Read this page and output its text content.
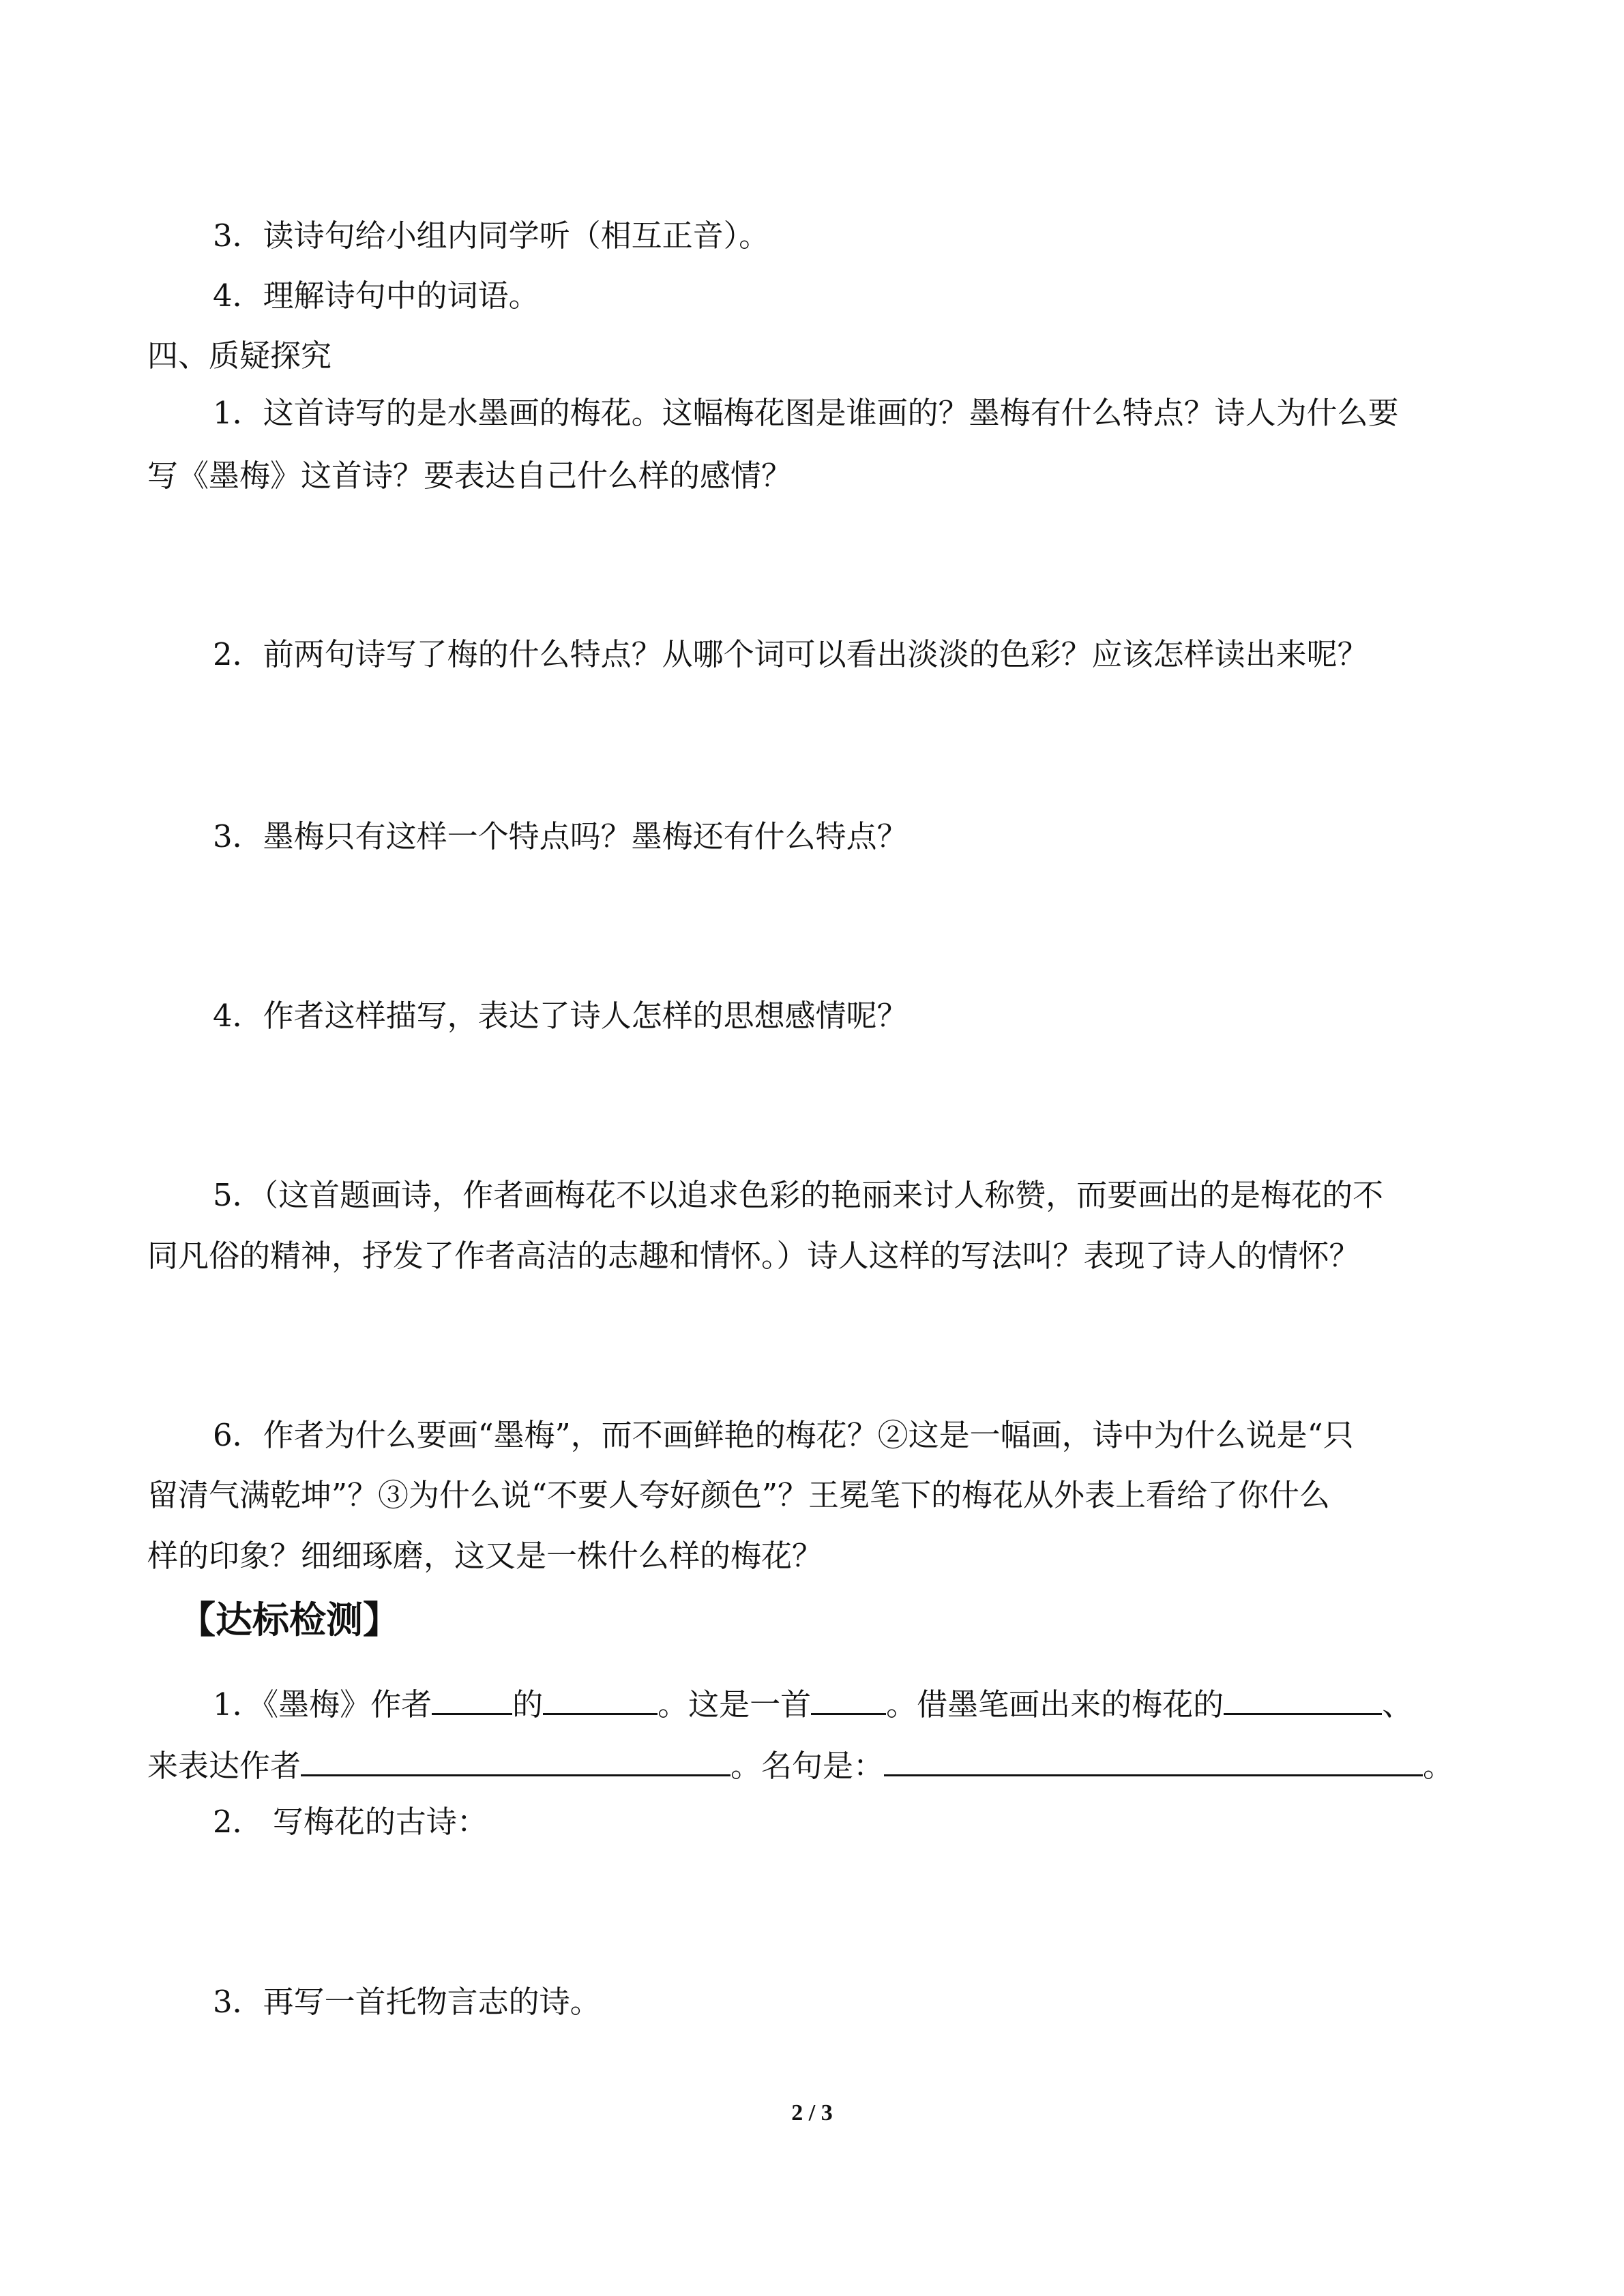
3．读诗句给小组内同学听（相互正音）。
4．理解诗句中的词语。
四、质疑探究
1．这首诗写的是水墨画的梅花。这幅梅花图是谁画的？墨梅有什么特点？诗人为什么要
写《墨梅》这首诗？要表达自己什么样的感情？
2．前两句诗写了梅的什么特点？从哪个词可以看出淡淡的色彩？应该怎样读出来呢？
3．墨梅只有这样一个特点吗？墨梅还有什么特点？
4．作者这样描写，表达了诗人怎样的思想感情呢？
5．（这首题画诗，作者画梅花不以追求色彩的艳丽来讨人称赞，而要画出的是梅花的不
同凡俗的精神，抒发了作者高洁的志趣和情怀。）诗人这样的写法叫？表现了诗人的情怀？
6．作者为什么要画“墨梅”，而不画鲜艳的梅花？②这是一幅画，诗中为什么说是“只
留清气满乾坤”？③为什么说“不要人夸好颜色”？王冕笔下的梅花从外表上看给了你什么
样的印象？细细琢磨，这又是一株什么样的梅花？
【达标检测】
1．《墨梅》作者	的	。这是一首 。借墨笔画出来的梅花的	、
来表达作者	。名句是：	。
2． 写梅花的古诗：
3．再写一首托物言志的诗。
2 / 3
